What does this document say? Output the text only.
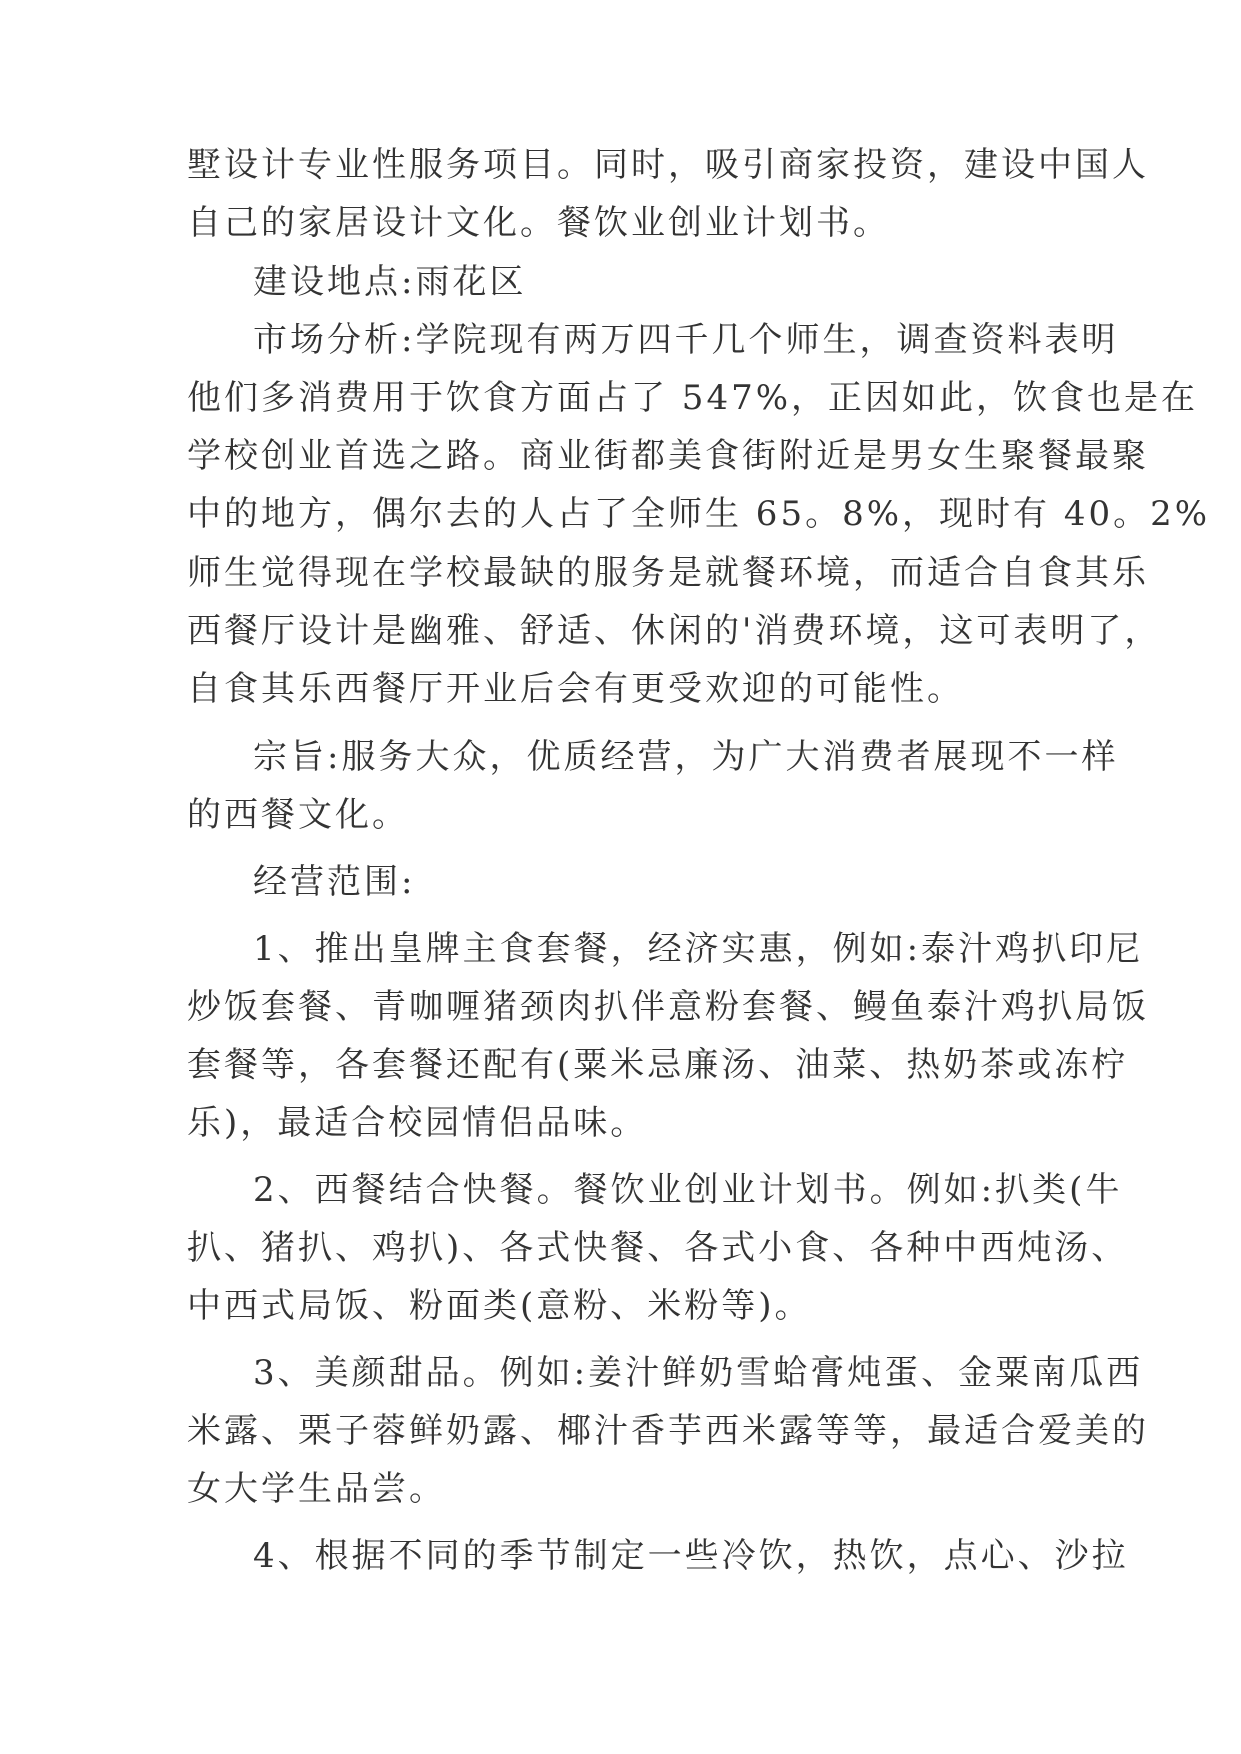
墅设计专业性服务项目。同时，吸引商家投资，建设中国人

自己的家居设计文化。餐饮业创业计划书。

建设地点:雨花区

市场分析:学院现有两万四千几个师生，调查资料表明

他们多消费用于饮食方面占了 547%，正因如此，饮食也是在

学校创业首选之路。商业街都美食街附近是男女生聚餐最聚

中的地方，偶尔去的人占了全师生 65。8%，现时有 40。2%

师生觉得现在学校最缺的服务是就餐环境，而适合自食其乐

西餐厅设计是幽雅、舒适、休闲的'消费环境，这可表明了，

自食其乐西餐厅开业后会有更受欢迎的可能性。

宗旨:服务大众，优质经营，为广大消费者展现不一样

的西餐文化。

经营范围:

1、推出皇牌主食套餐，经济实惠，例如:泰汁鸡扒印尼

炒饭套餐、青咖喱猪颈肉扒伴意粉套餐、鳗鱼泰汁鸡扒局饭

套餐等，各套餐还配有(粟米忌廉汤、油菜、热奶茶或冻柠

乐)，最适合校园情侣品味。

2、西餐结合快餐。餐饮业创业计划书。例如:扒类(牛

扒、猪扒、鸡扒)、各式快餐、各式小食、各种中西炖汤、

中西式局饭、粉面类(意粉、米粉等)。

3、美颜甜品。例如:姜汁鲜奶雪蛤膏炖蛋、金粟南瓜西

米露、栗子蓉鲜奶露、椰汁香芋西米露等等，最适合爱美的

女大学生品尝。

4、根据不同的季节制定一些冷饮，热饮，点心、沙拉
